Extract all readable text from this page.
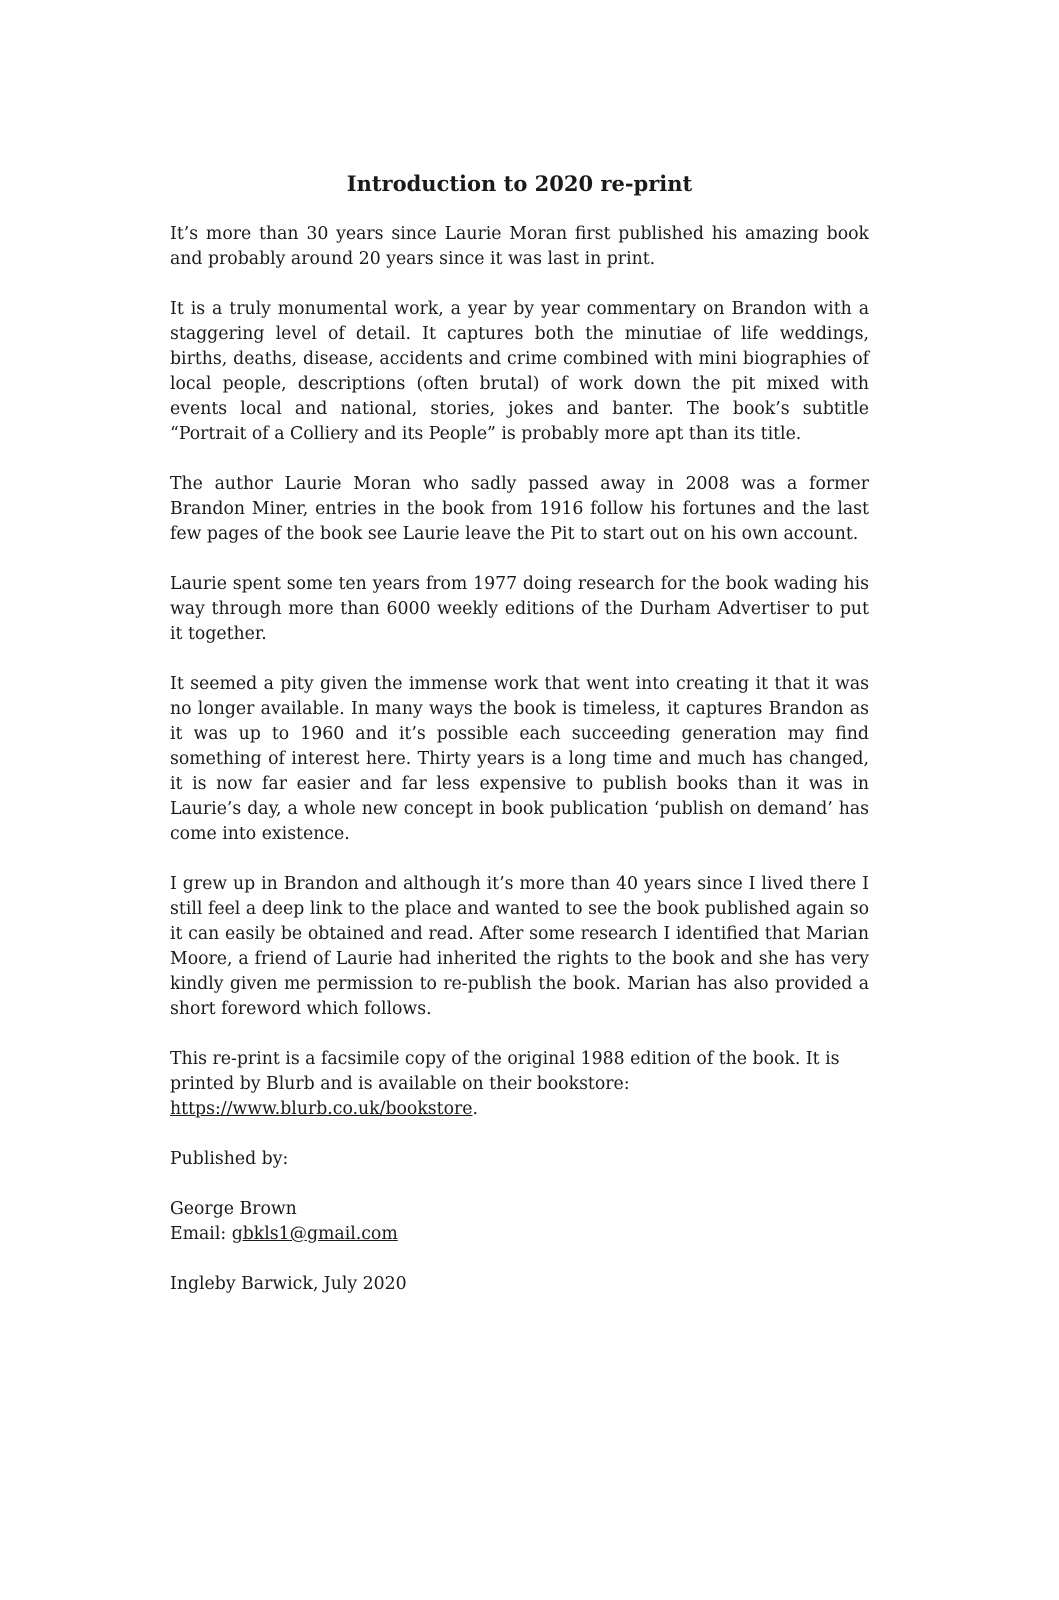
Introduction to 2020 re-print

It’s more than 30 years since Laurie Moran first published his amazing book and probably around 20 years since it was last in print.

It is a truly monumental work, a year by year commentary on Brandon with a staggering level of detail. It captures both the minutiae of life weddings, births, deaths, disease, accidents and crime combined with mini biographies of local people, descriptions (often brutal) of work down the pit mixed with events local and national, stories, jokes and banter. The book’s subtitle “Portrait of a Colliery and its People” is probably more apt than its title.

The author Laurie Moran who sadly passed away in 2008 was a former Brandon Miner, entries in the book from 1916 follow his fortunes and the last few pages of the book see Laurie leave the Pit to start out on his own account.

Laurie spent some ten years from 1977 doing research for the book wading his way through more than 6000 weekly editions of the Durham Advertiser to put it together.

It seemed a pity given the immense work that went into creating it that it was no longer available. In many ways the book is timeless, it captures Brandon as it was up to 1960 and it’s possible each succeeding generation may find something of interest here. Thirty years is a long time and much has changed, it is now far easier and far less expensive to publish books than it was in Laurie’s day, a whole new concept in book publication ‘publish on demand’ has come into existence.

I grew up in Brandon and although it’s more than 40 years since I lived there I still feel a deep link to the place and wanted to see the book published again so it can easily be obtained and read. After some research I identified that Marian Moore, a friend of Laurie had inherited the rights to the book and she has very kindly given me permission to re-publish the book. Marian has also provided a short foreword which follows.

This re-print is a facsimile copy of the original 1988 edition of the book. It is
printed by Blurb and is available on their bookstore:
https://www.blurb.co.uk/bookstore.

Published by:

George Brown
Email: gbkls1@gmail.com

Ingleby Barwick, July 2020
